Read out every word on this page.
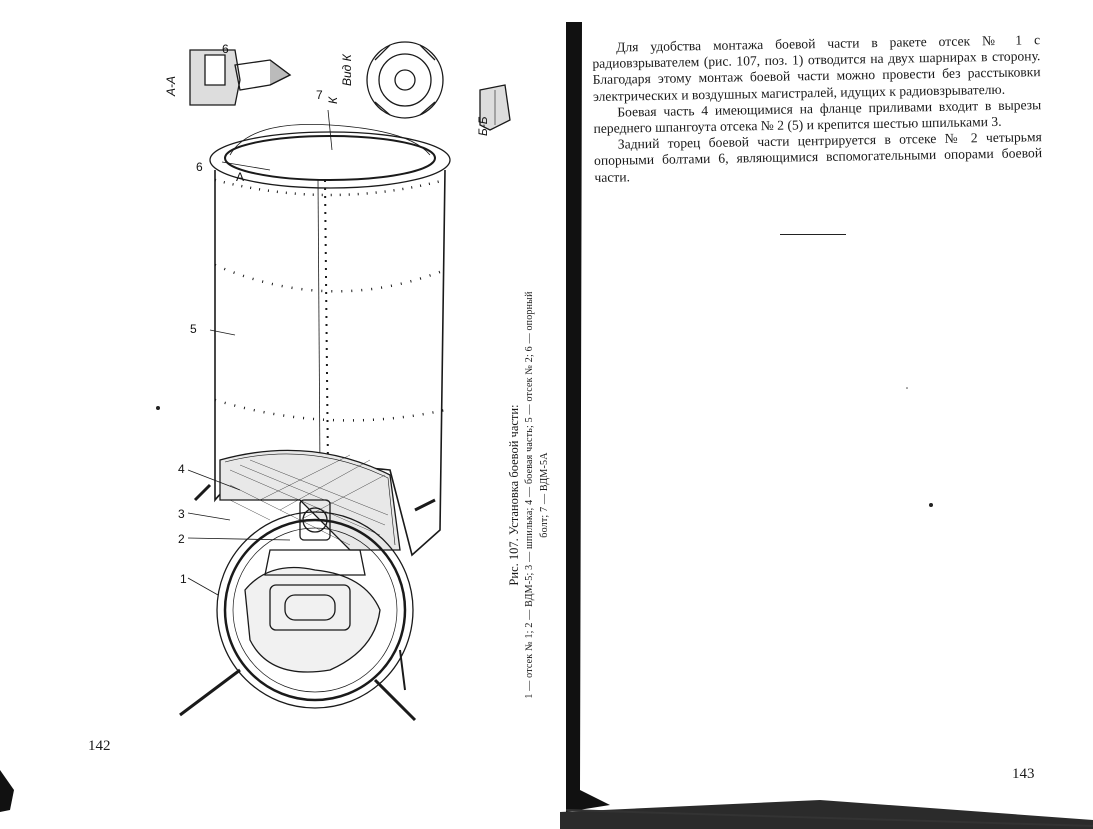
1
2
3
4
5
6
7
6
А
А-А	Вид К
К
Б-Б
Рис. 107. Установка боевой части: 1 — отсек № 1; 2 — ВДМ-5; 3 — шпилька; 4 — боевая часть; 5 — отсек № 2; 6 — опорный болт; 7 — ВДМ-5А
142

Для удобства монтажа боевой части в ракете отсек № 1 с радиовзрывателем (рис. 107, поз. 1) отводится на двух шарнирах в сторону. Благодаря этому монтаж боевой части можно провести без расстыковки электрических и воздушных магистралей, идущих к радиовзрывателю.

Боевая часть 4 имеющимися на фланце приливами входит в вырезы переднего шпангоута отсека № 2 (5) и крепится шестью шпильками 3.

Задний торец боевой части центрируется в отсеке № 2 четырьмя опорными болтами 6, являющимися вспомогательными опорами боевой части.

143
